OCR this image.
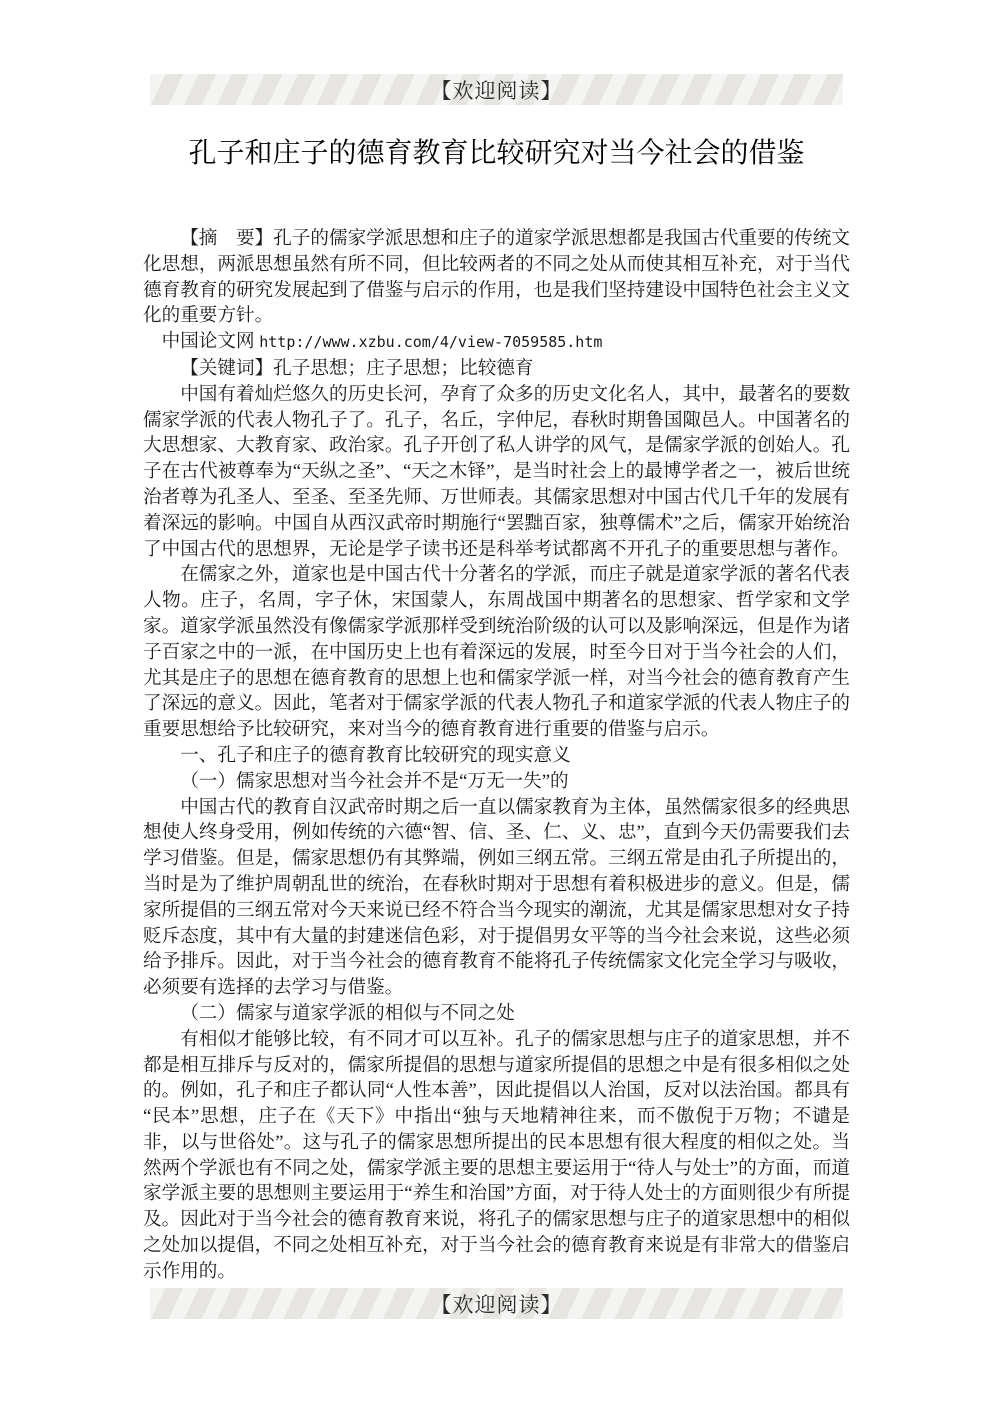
【欢迎阅读】
孔子和庄子的德育教育比较研究对当今社会的借鉴

【摘　要】孔子的儒家学派思想和庄子的道家学派思想都是我国古代重要的传统文化思想，两派思想虽然有所不同，但比较两者的不同之处从而使其相互补充，对于当代德育教育的研究发展起到了借鉴与启示的作用，也是我们坚持建设中国特色社会主义文化的重要方针。

中国论文网 http://www.xzbu.com/4/view-7059585.htm

【关键词】孔子思想；庄子思想；比较德育

中国有着灿烂悠久的历史长河，孕育了众多的历史文化名人，其中，最著名的要数儒家学派的代表人物孔子了。孔子，名丘，字仲尼，春秋时期鲁国陬邑人。中国著名的大思想家、大教育家、政治家。孔子开创了私人讲学的风气，是儒家学派的创始人。孔子在古代被尊奉为“天纵之圣”、“天之木铎”，是当时社会上的最博学者之一，被后世统治者尊为孔圣人、至圣、至圣先师、万世师表。其儒家思想对中国古代几千年的发展有着深远的影响。中国自从西汉武帝时期施行“罢黜百家，独尊儒术”之后，儒家开始统治了中国古代的思想界，无论是学子读书还是科举考试都离不开孔子的重要思想与著作。

在儒家之外，道家也是中国古代十分著名的学派，而庄子就是道家学派的著名代表人物。庄子，名周，字子休，宋国蒙人，东周战国中期著名的思想家、哲学家和文学家。道家学派虽然没有像儒家学派那样受到统治阶级的认可以及影响深远，但是作为诸子百家之中的一派，在中国历史上也有着深远的发展，时至今日对于当今社会的人们，尤其是庄子的思想在德育教育的思想上也和儒家学派一样，对当今社会的德育教育产生了深远的意义。因此，笔者对于儒家学派的代表人物孔子和道家学派的代表人物庄子的重要思想给予比较研究，来对当今的德育教育进行重要的借鉴与启示。

一、孔子和庄子的德育教育比较研究的现实意义

（一）儒家思想对当今社会并不是“万无一失”的

中国古代的教育自汉武帝时期之后一直以儒家教育为主体，虽然儒家很多的经典思想使人终身受用，例如传统的六德“智、信、圣、仁、义、忠”，直到今天仍需要我们去学习借鉴。但是，儒家思想仍有其弊端，例如三纲五常。三纲五常是由孔子所提出的，当时是为了维护周朝乱世的统治，在春秋时期对于思想有着积极进步的意义。但是，儒家所提倡的三纲五常对今天来说已经不符合当今现实的潮流，尤其是儒家思想对女子持贬斥态度，其中有大量的封建迷信色彩，对于提倡男女平等的当今社会来说，这些必须给予排斥。因此，对于当今社会的德育教育不能将孔子传统儒家文化完全学习与吸收，必须要有选择的去学习与借鉴。

（二）儒家与道家学派的相似与不同之处

有相似才能够比较，有不同才可以互补。孔子的儒家思想与庄子的道家思想，并不都是相互排斥与反对的，儒家所提倡的思想与道家所提倡的思想之中是有很多相似之处的。例如，孔子和庄子都认同“人性本善”，因此提倡以人治国，反对以法治国。都具有“民本”思想，庄子在《天下》中指出“独与天地精神往来，而不傲倪于万物；不谴是非，以与世俗处”。这与孔子的儒家思想所提出的民本思想有很大程度的相似之处。当然两个学派也有不同之处，儒家学派主要的思想主要运用于“待人与处士”的方面，而道家学派主要的思想则主要运用于“养生和治国”方面，对于待人处士的方面则很少有所提及。因此对于当今社会的德育教育来说，将孔子的儒家思想与庄子的道家思想中的相似之处加以提倡，不同之处相互补充，对于当今社会的德育教育来说是有非常大的借鉴启示作用的。

【欢迎阅读】
